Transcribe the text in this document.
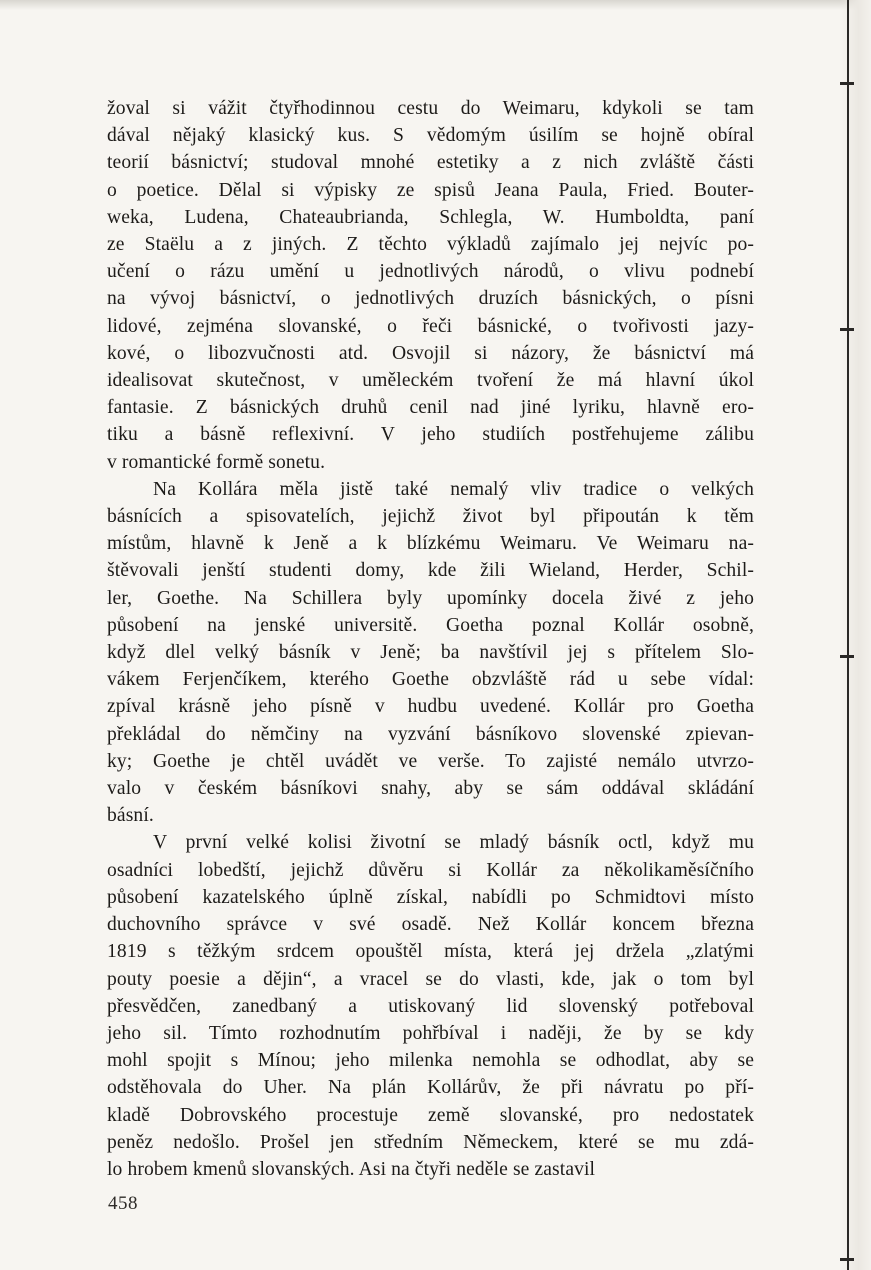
žoval si vážit čtyřhodinnou cestu do Weimaru, kdykoli se tam
dával nějaký klasický kus. S vědomým úsilím se hojně obíral
teorií básnictví; studoval mnohé estetiky a z nich zvláště části
o poetice. Dělal si výpisky ze spisů Jeana Paula, Fried. Bouter-
weka, Ludena, Chateaubrianda, Schlegla, W. Humboldta, paní
ze Staëlu a z jiných. Z těchto výkladů zajímalo jej nejvíc po-
učení o rázu umění u jednotlivých národů, o vlivu podnebí
na vývoj básnictví, o jednotlivých druzích básnických, o písni
lidové, zejména slovanské, o řeči básnické, o tvořivosti jazy-
kové, o libozvučnosti atd. Osvojil si názory, že básnictví má
idealisovat skutečnost, v uměleckém tvoření že má hlavní úkol
fantasie. Z básnických druhů cenil nad jiné lyriku, hlavně ero-
tiku a básně reflexivní. V jeho studiích postřehujeme zálibu
v romantické formě sonetu.
Na Kollára měla jistě také nemalý vliv tradice o velkých
básnících a spisovatelích, jejichž život byl připoután k těm
místům, hlavně k Jeně a k blízkému Weimaru. Ve Weimaru na-
štěvovali jenští studenti domy, kde žili Wieland, Herder, Schil-
ler, Goethe. Na Schillera byly upomínky docela živé z jeho
působení na jenské universitě. Goetha poznal Kollár osobně,
když dlel velký básník v Jeně; ba navštívil jej s přítelem Slo-
vákem Ferjenčíkem, kterého Goethe obzvláště rád u sebe vídal:
zpíval krásně jeho písně v hudbu uvedené. Kollár pro Goetha
překládal do němčiny na vyzvání básníkovo slovenské zpievan-
ky; Goethe je chtěl uvádět ve verše. To zajisté nemálo utvrzo-
valo v českém básníkovi snahy, aby se sám oddával skládání
básní.
V první velké kolisi životní se mladý básník octl, když mu
osadníci lobedští, jejichž důvěru si Kollár za několikaměsíčního
působení kazatelského úplně získal, nabídli po Schmidtovi místo
duchovního správce v své osadě. Než Kollár koncem března
1819 s těžkým srdcem opouštěl místa, která jej držela „zlatými
pouty poesie a dějin“, a vracel se do vlasti, kde, jak o tom byl
přesvědčen, zanedbaný a utiskovaný lid slovenský potřeboval
jeho sil. Tímto rozhodnutím pohřbíval i naději, že by se kdy
mohl spojit s Mínou; jeho milenka nemohla se odhodlat, aby se
odstěhovala do Uher. Na plán Kollárův, že při návratu po pří-
kladě Dobrovského procestuje země slovanské, pro nedostatek
peněz nedošlo. Prošel jen středním Německem, které se mu zdá-
lo hrobem kmenů slovanských. Asi na čtyři neděle se zastavil
458
